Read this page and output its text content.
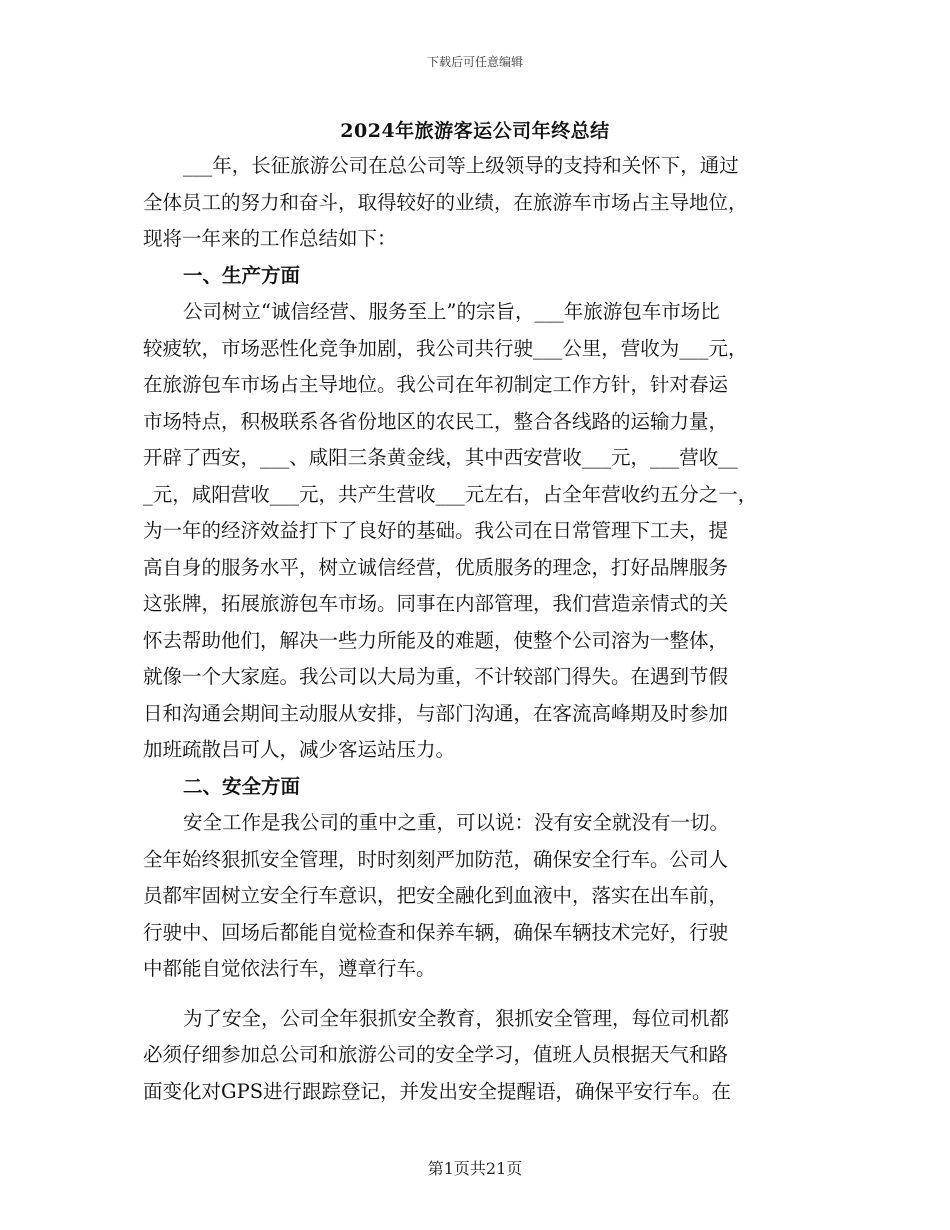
下载后可任意编辑
2024年旅游客运公司年终总结
___年，长征旅游公司在总公司等上级领导的支持和关怀下，通过
全体员工的努力和奋斗，取得较好的业绩，在旅游车市场占主导地位，
现将一年来的工作总结如下：
一、生产方面
公司树立“诚信经营、服务至上”的宗旨，___年旅游包车市场比
较疲软，市场恶性化竞争加剧，我公司共行驶___公里，营收为___元，
在旅游包车市场占主导地位。我公司在年初制定工作方针，针对春运
市场特点，积极联系各省份地区的农民工，整合各线路的运输力量，
开辟了西安，___、咸阳三条黄金线，其中西安营收___元，___营收__
_元，咸阳营收___元，共产生营收___元左右，占全年营收约五分之一，
为一年的经济效益打下了良好的基础。我公司在日常管理下工夫，提
高自身的服务水平，树立诚信经营，优质服务的理念，打好品牌服务
这张牌，拓展旅游包车市场。同事在内部管理，我们营造亲情式的关
怀去帮助他们，解决一些力所能及的难题，使整个公司溶为一整体，
就像一个大家庭。我公司以大局为重，不计较部门得失。在遇到节假
日和沟通会期间主动服从安排，与部门沟通，在客流高峰期及时参加
加班疏散吕可人，减少客运站压力。
二、安全方面
安全工作是我公司的重中之重，可以说：没有安全就没有一切。
全年始终狠抓安全管理，时时刻刻严加防范，确保安全行车。公司人
员都牢固树立安全行车意识，把安全融化到血液中，落实在出车前，
行驶中、回场后都能自觉检查和保养车辆，确保车辆技术完好，行驶
中都能自觉依法行车，遵章行车。
为了安全，公司全年狠抓安全教育，狠抓安全管理，每位司机都
必须仔细参加总公司和旅游公司的安全学习，值班人员根据天气和路
面变化对GPS进行跟踪登记，并发出安全提醒语，确保平安行车。在
第1页共21页
